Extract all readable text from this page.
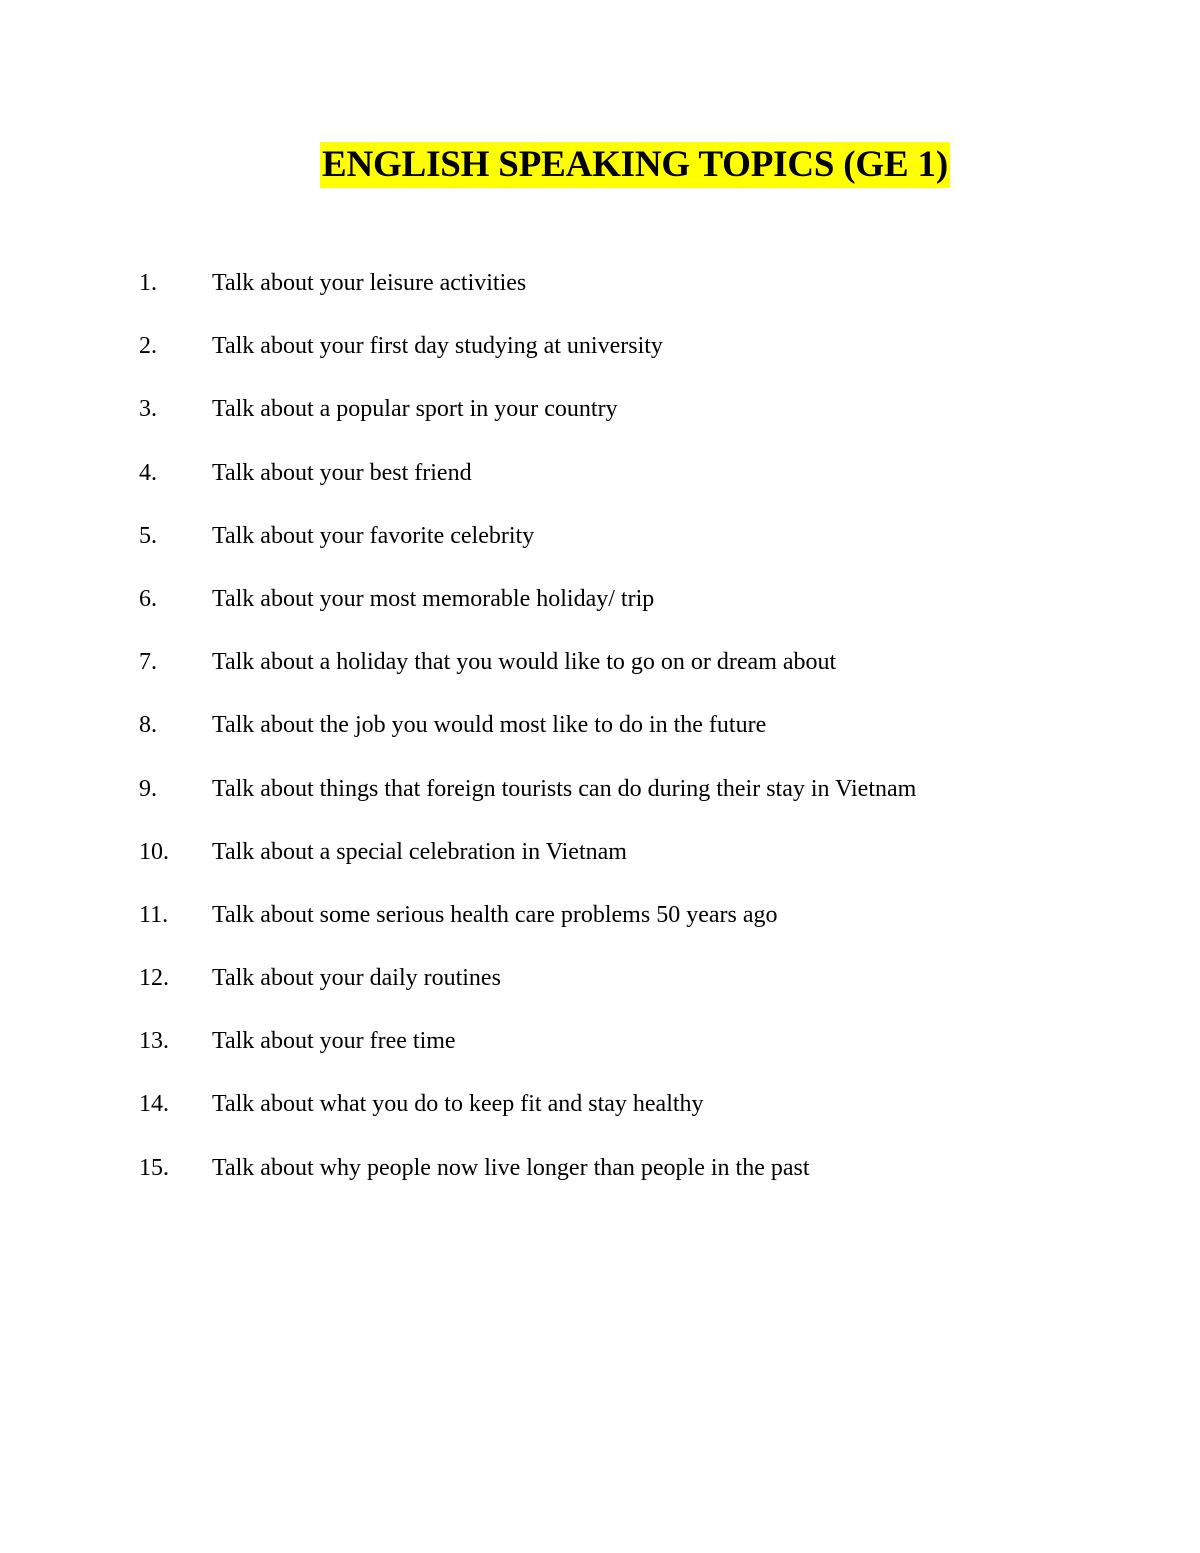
ENGLISH SPEAKING TOPICS (GE 1)
1. Talk about your leisure activities
2. Talk about your first day studying at university
3. Talk about a popular sport in your country
4. Talk about your best friend
5. Talk about your favorite celebrity
6. Talk about your most memorable holiday/ trip
7. Talk about a holiday that you would like to go on or dream about
8. Talk about the job you would most like to do in the future
9. Talk about things that foreign tourists can do during their stay in Vietnam
10. Talk about a special celebration in Vietnam
11. Talk about some serious health care problems 50 years ago
12. Talk about your daily routines
13. Talk about your free time
14. Talk about what you do to keep fit and stay healthy
15. Talk about why people now live longer than people in the past
